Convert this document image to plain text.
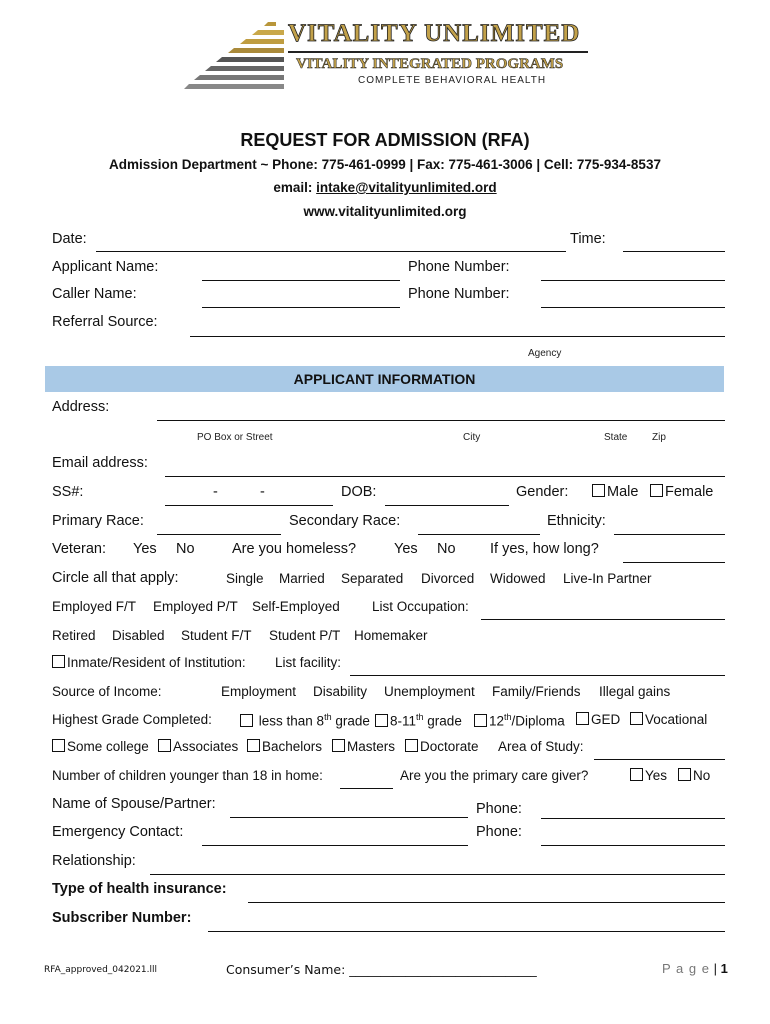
VITALITY UNLIMITED
VITALITY INTEGRATED PROGRAMS
COMPLETE BEHAVIORAL HEALTH
REQUEST FOR ADMISSION (RFA)
Admission Department ~ Phone: 775-461-0999 | Fax: 775-461-3006 | Cell: 775-934-8537
email: intake@vitalityunlimited.ord
www.vitalityunlimited.org
Date:	Time:
Applicant Name:	Phone Number:
Caller Name:	Phone Number:
Referral Source:
Agency
APPLICANT INFORMATION
Address:
PO Box or Street	City	State Zip
Email address:
SS#:	-	-	DOB:	Gender:	Male	Female
Primary Race:	Secondary Race:	Ethnicity:
Veteran: Yes No	Are you homeless?	Yes No If yes, how long?
Circle all that apply:	Single Married Separated Divorced Widowed Live-In Partner
Employed F/T Employed P/T Self-Employed List Occupation:
Retired Disabled Student F/T Student P/T Homemaker
Inmate/Resident of Institution: List facility:
Source of Income:	Employment Disability Unemployment Family/Friends Illegal gains
Highest Grade Completed:	less than 8th grade	8-11th grade	12th/Diploma	GED	Vocational
Some college	Associates	Bachelors	Masters	Doctorate Area of Study:
Number of children younger than 18 in home:	Are you the primary care giver?	Yes	No
Name of Spouse/Partner:	Phone:
Emergency Contact:	Phone:
Relationship:
Type of health insurance:
Subscriber Number:
RFA_approved_042021.lll	Consumer’s Name: ______________________________	P a g e | 1
